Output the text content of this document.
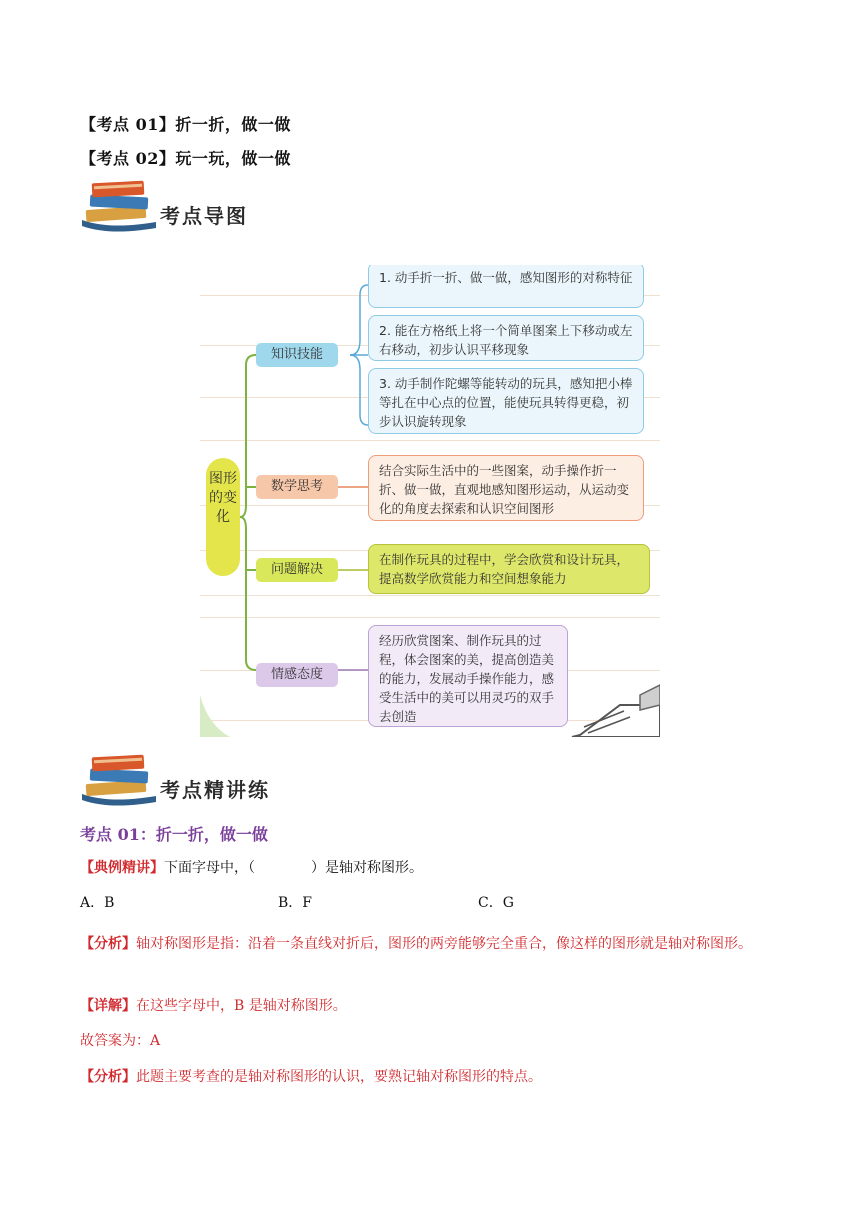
【考点 01】折一折，做一做
【考点 02】玩一玩，做一做
考点导图
图形的变化
知识技能
数学思考
问题解决
情感态度
1. 动手折一折、做一做，感知图形的对称特征
2. 能在方格纸上将一个简单图案上下移动或左右移动，初步认识平移现象
3. 动手制作陀螺等能转动的玩具，感知把小棒等扎在中心点的位置，能使玩具转得更稳，初步认识旋转现象
结合实际生活中的一些图案，动手操作折一折、做一做，直观地感知图形运动，从运动变化的角度去探索和认识空间图形
在制作玩具的过程中，学会欣赏和设计玩具，提高数学欣赏能力和空间想象能力
经历欣赏图案、制作玩具的过程，体会图案的美，提高创造美的能力，发展动手操作能力，感受生活中的美可以用灵巧的双手去创造
考点精讲练
考点 01：折一折，做一做
【典例精讲】下面字母中，（　　　　）是轴对称图形。
A．B	B．F	C．G
【分析】轴对称图形是指：沿着一条直线对折后，图形的两旁能够完全重合，像这样的图形就是轴对称图形。
【详解】在这些字母中，B 是轴对称图形。
故答案为：A
【分析】此题主要考查的是轴对称图形的认识，要熟记轴对称图形的特点。
